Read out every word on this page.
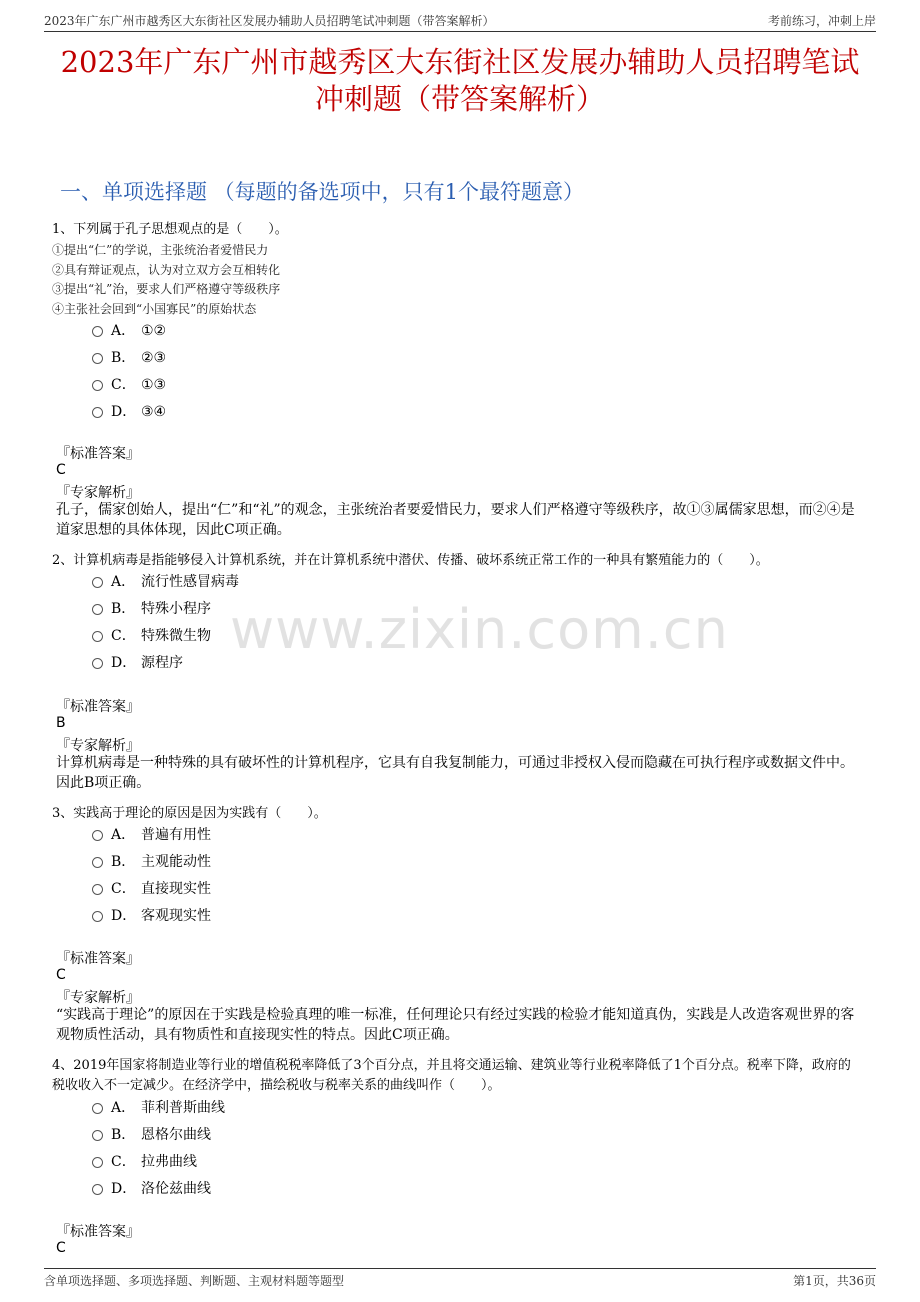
2023年广东广州市越秀区大东街社区发展办辅助人员招聘笔试冲刺题（带答案解析）	考前练习，冲刺上岸
2023年广东广州市越秀区大东街社区发展办辅助人员招聘笔试
冲刺题（带答案解析）
一、单项选择题 （每题的备选项中，只有1个最符题意）
www.zixin.com.cn
1、下列属于孔子思想观点的是（　　）。
①提出“仁”的学说，主张统治者爱惜民力
②具有辩证观点，认为对立双方会互相转化
③提出“礼”治，要求人们严格遵守等级秩序
④主张社会回到“小国寡民”的原始状态
A． ①②
B． ②③
C． ①③
D． ③④
『标准答案』
C
『专家解析』
孔子，儒家创始人，提出“仁”和“礼”的观念，主张统治者要爱惜民力，要求人们严格遵守等级秩序，故①③属儒家思想，而②④是道家思想的具体体现，因此C项正确。
2、计算机病毒是指能够侵入计算机系统，并在计算机系统中潜伏、传播、破坏系统正常工作的一种具有繁殖能力的（　　）。
A． 流行性感冒病毒
B． 特殊小程序
C． 特殊微生物
D． 源程序
『标准答案』
B
『专家解析』
计算机病毒是一种特殊的具有破坏性的计算机程序，它具有自我复制能力，可通过非授权入侵而隐藏在可执行程序或数据文件中。因此B项正确。
3、实践高于理论的原因是因为实践有（　　）。
A． 普遍有用性
B． 主观能动性
C． 直接现实性
D． 客观现实性
『标准答案』
C
『专家解析』
“实践高于理论”的原因在于实践是检验真理的唯一标准，任何理论只有经过实践的检验才能知道真伪，实践是人改造客观世界的客观物质性活动，具有物质性和直接现实性的特点。因此C项正确。
4、2019年国家将制造业等行业的增值税税率降低了3个百分点，并且将交通运输、建筑业等行业税率降低了1个百分点。税率下降，政府的税收收入不一定减少。在经济学中，描绘税收与税率关系的曲线叫作（　　）。
A． 菲利普斯曲线
B． 恩格尔曲线
C． 拉弗曲线
D． 洛伦兹曲线
『标准答案』
C
含单项选择题、多项选择题、判断题、主观材料题等题型	第1页，共36页
